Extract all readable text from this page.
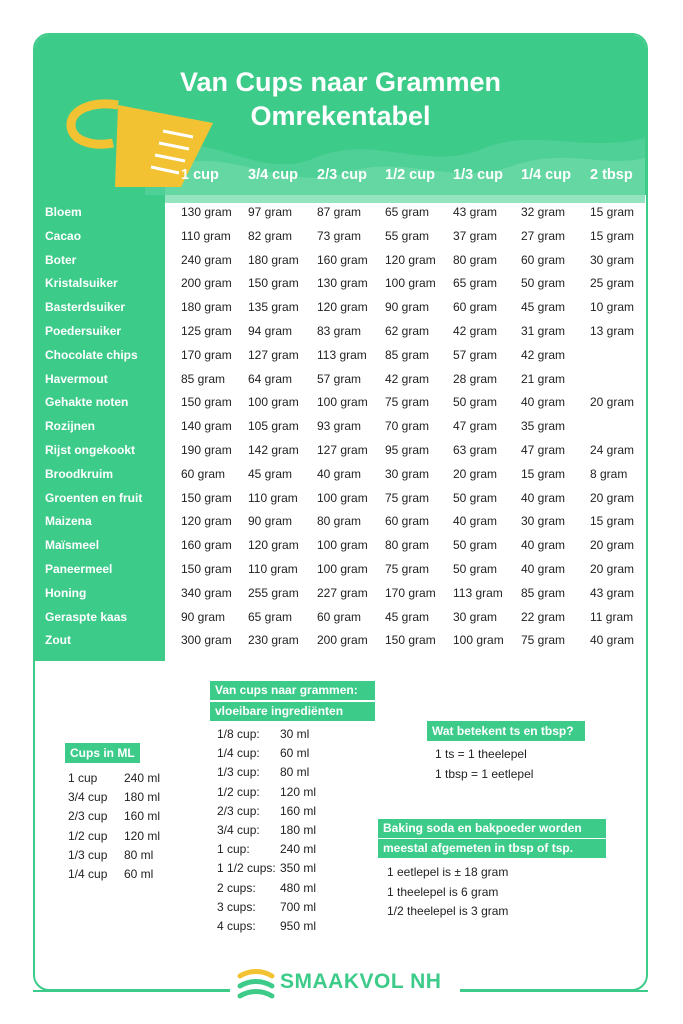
Van Cups naar Grammen
Omrekentabel
1 cup 3/4 cup 2/3 cup 1/2 cup 1/3 cup 1/4 cup 2 tbsp
Bloem
Cacao
Boter
Kristalsuiker
Basterdsuiker
Poedersuiker
Chocolate chips
Havermout
Gehakte noten
Rozijnen
Rijst ongekookt
Broodkruim
Groenten en fruit
Maizena
Maïsmeel
Paneermeel
Honing
Geraspte kaas
Zout
130 gram 97 gram 87 gram 65 gram 43 gram 32 gram 15 gram
110 gram 82 gram 73 gram 55 gram 37 gram 27 gram 15 gram
240 gram 180 gram 160 gram 120 gram 80 gram 60 gram 30 gram
200 gram 150 gram 130 gram 100 gram 65 gram 50 gram 25 gram
180 gram 135 gram 120 gram 90 gram 60 gram 45 gram 10 gram
125 gram 94 gram 83 gram 62 gram 42 gram 31 gram 13 gram
170 gram 127 gram 113 gram 85 gram 57 gram 42 gram
85 gram 64 gram 57 gram 42 gram 28 gram 21 gram
150 gram 100 gram 100 gram 75 gram 50 gram 40 gram 20 gram
140 gram 105 gram 93 gram 70 gram 47 gram 35 gram
190 gram 142 gram 127 gram 95 gram 63 gram 47 gram 24 gram
60 gram 45 gram 40 gram 30 gram 20 gram 15 gram 8 gram
150 gram 110 gram 100 gram 75 gram 50 gram 40 gram 20 gram
120 gram 90 gram 80 gram 60 gram 40 gram 30 gram 15 gram
160 gram 120 gram 100 gram 80 gram 50 gram 40 gram 20 gram
150 gram 110 gram 100 gram 75 gram 50 gram 40 gram 20 gram
340 gram 255 gram 227 gram 170 gram 113 gram 85 gram 43 gram
90 gram 65 gram 60 gram 45 gram 30 gram 22 gram 11 gram
300 gram 230 gram 200 gram 150 gram 100 gram 75 gram 40 gram
Cups in ML
1 cup 240 ml
3/4 cup 180 ml
2/3 cup 160 ml
1/2 cup 120 ml
1/3 cup 80 ml
1/4 cup 60 ml
Van cups naar grammen:
vloeibare ingrediënten
1/8 cup: 30 ml
1/4 cup: 60 ml
1/3 cup: 80 ml
1/2 cup: 120 ml
2/3 cup: 160 ml
3/4 cup: 180 ml
1 cup:	240 ml
1 1/2 cups: 350 ml
2 cups: 480 ml
3 cups: 700 ml
4 cups: 950 ml
Wat betekent ts en tbsp?
1 ts = 1 theelepel
1 tbsp = 1 eetlepel
Baking soda en bakpoeder worden
meestal afgemeten in tbsp of tsp.
1 eetlepel is ± 18 gram
1 theelepel is 6 gram
1/2 theelepel is 3 gram
SMAAKVOL NH
